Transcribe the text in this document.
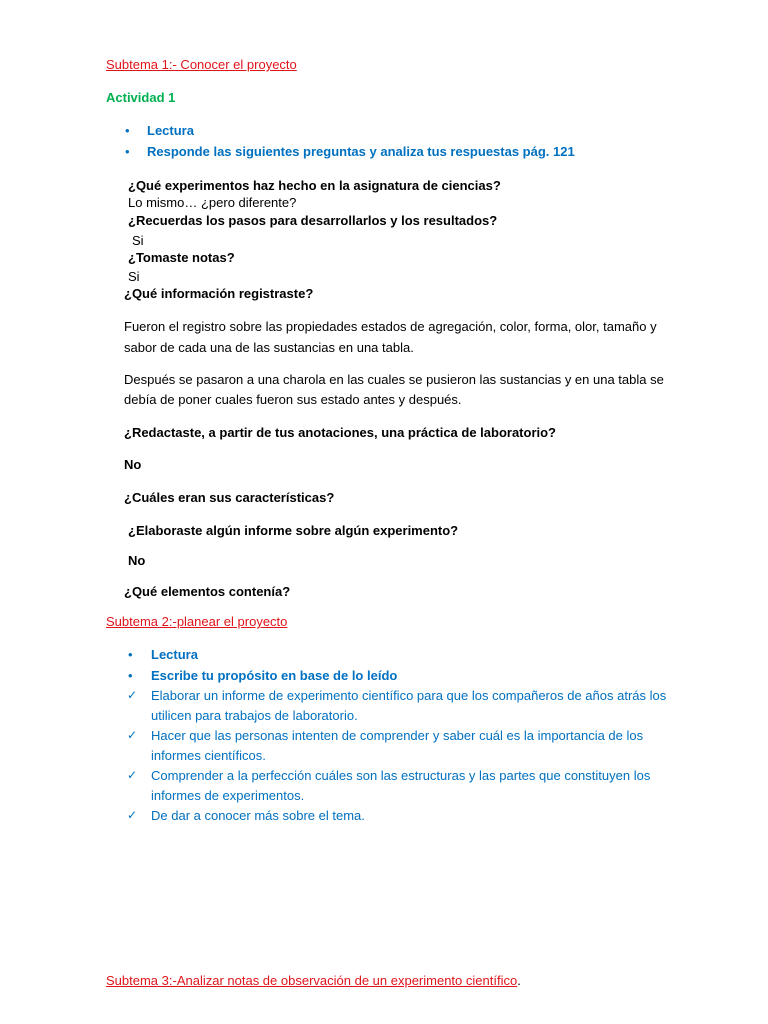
Subtema 1:- Conocer el proyecto
Actividad 1
• Lectura
• Responde las siguientes preguntas y analiza tus respuestas pág. 121
¿Qué experimentos haz hecho en la asignatura de ciencias?
Lo mismo… ¿pero diferente?
¿Recuerdas los pasos para desarrollarlos y los resultados?
Si
¿Tomaste notas?
Si
¿Qué información registraste?
Fueron el registro sobre las propiedades estados de agregación, color, forma, olor, tamaño y
sabor de cada una de las sustancias en una tabla.
Después se pasaron a una charola en las cuales se pusieron las sustancias y en una tabla se
debía de poner cuales fueron sus estado antes y después.
¿Redactaste, a partir de tus anotaciones, una práctica de laboratorio?
No
¿Cuáles eran sus características?
¿Elaboraste algún informe sobre algún experimento?
No
¿Qué elementos contenía?
Subtema 2:-planear el proyecto
• Lectura
• Escribe tu propósito en base de lo leído
✓ Elaborar un informe de experimento científico para que los compañeros de años atrás los
utilicen para trabajos de laboratorio.
✓ Hacer que las personas intenten de comprender y saber cuál es la importancia de los
informes científicos.
✓ Comprender a la perfección cuáles son las estructuras y las partes que constituyen los
informes de experimentos.
✓ De dar a conocer más sobre el tema.
Subtema 3:-Analizar notas de observación de un experimento científico.
